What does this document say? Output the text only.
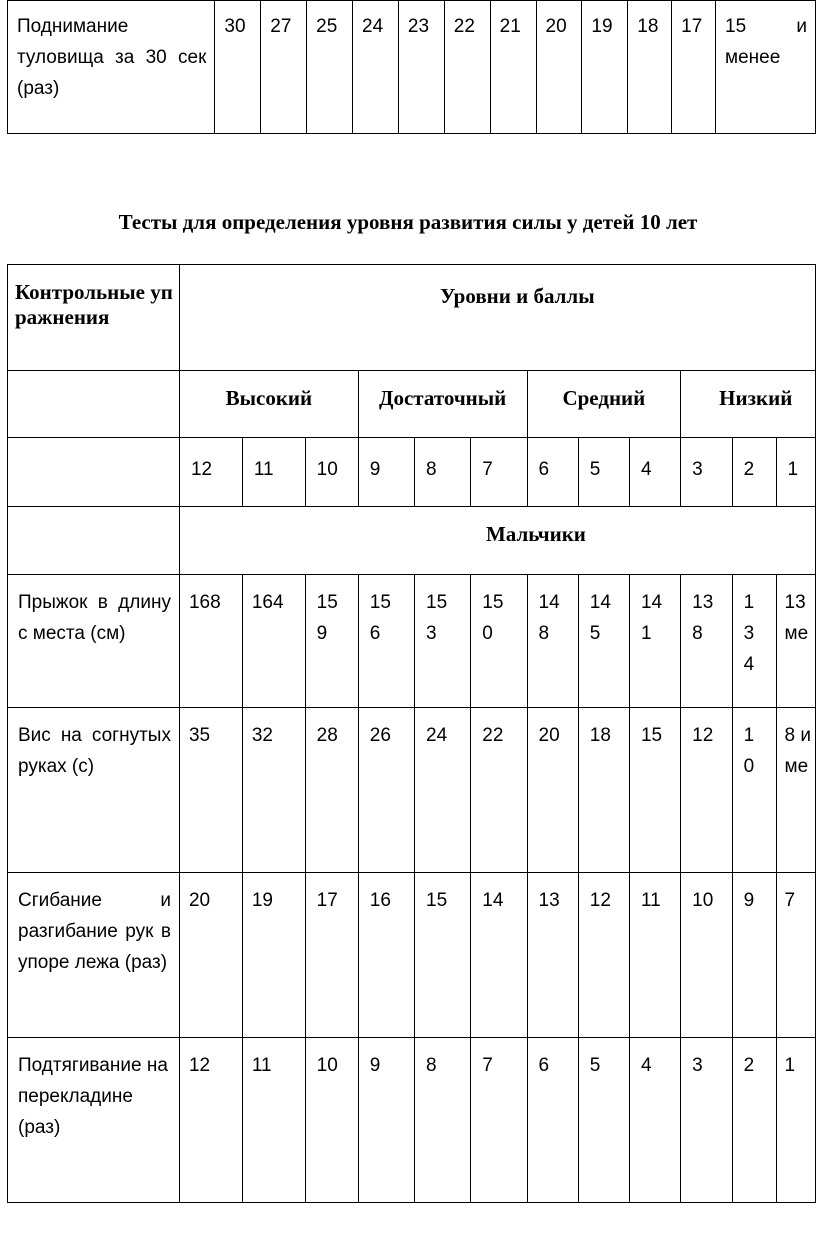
Поднимание туловища за 30 сек (раз)	30	27	25	24	23	22	21	20	19	18	17	15 и менее
Тесты для определения уровня развития силы у детей 10 лет
Контрольные упражнения	Уровни и баллы											
	Высокий			Достаточный			Средний			Низкий		
	12	11	10	9	8	7	6	5	4	3	2	1
	Мальчики											
Прыжок в длину с места (см)	168	164	159	156	153	150	148	145	141	138	134	13 ме
Вис на согнутых руках (с)	35	32	28	26	24	22	20	18	15	12	10	8 и ме
Сгибание и разгибание рук в упоре лежа (раз)	20	19	17	16	15	14	13	12	11	10	9	7
Подтягивание на перекладине (раз)	12	11	10	9	8	7	6	5	4	3	2	1
